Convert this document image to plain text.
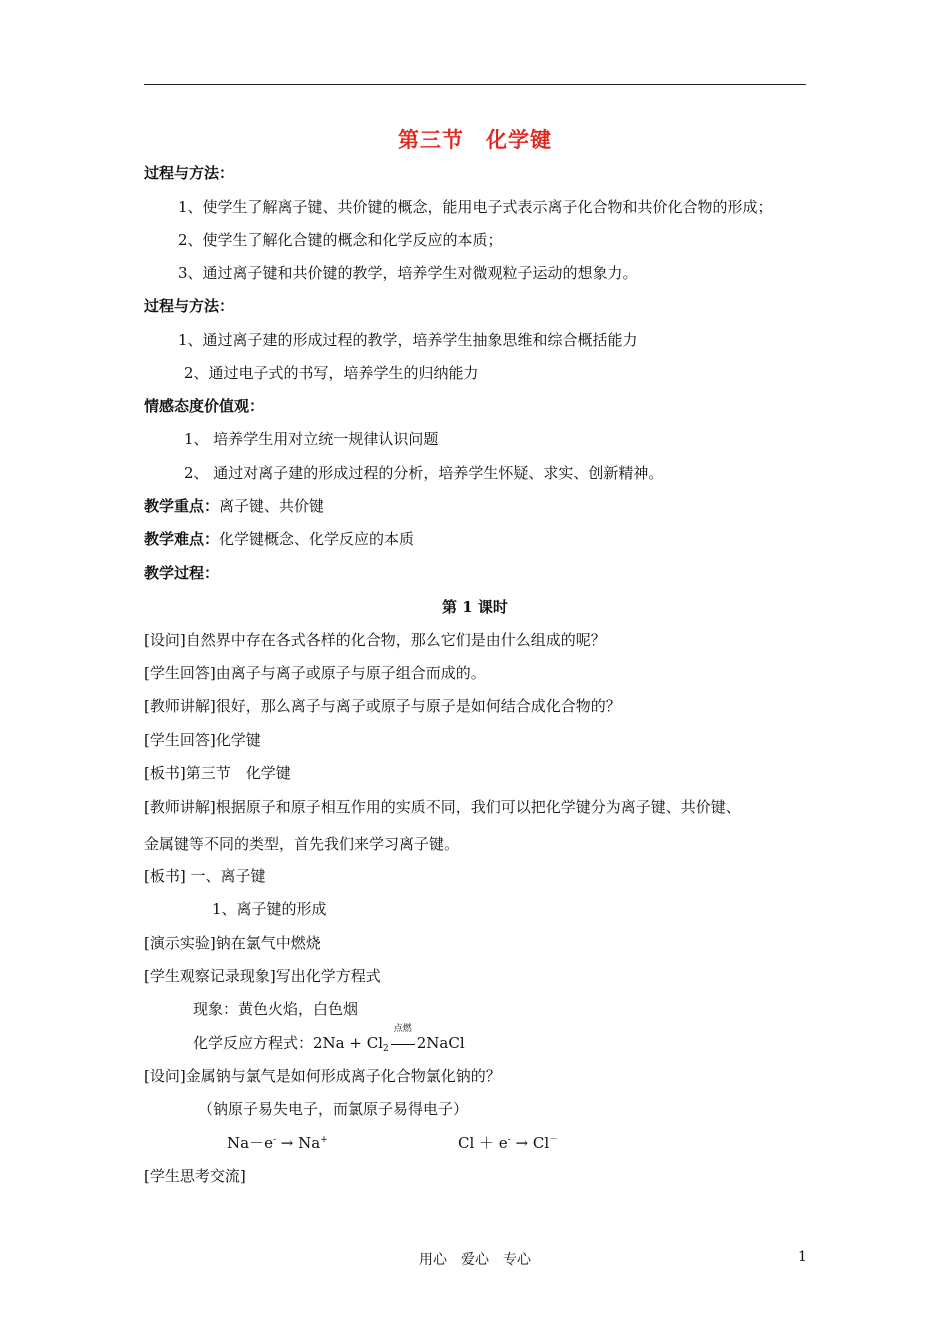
第三节　化学键
过程与方法：
1、使学生了解离子键、共价键的概念，能用电子式表示离子化合物和共价化合物的形成；
2、使学生了解化合键的概念和化学反应的本质；
3、通过离子键和共价键的教学，培养学生对微观粒子运动的想象力。
过程与方法：
1、通过离子建的形成过程的教学，培养学生抽象思维和综合概括能力
2、通过电子式的书写，培养学生的归纳能力
情感态度价值观：
1、 培养学生用对立统一规律认识问题
2、 通过对离子建的形成过程的分析，培养学生怀疑、求实、创新精神。
教学重点：离子键、共价键
教学难点：化学键概念、化学反应的本质
教学过程：
第 1 课时
[设问]自然界中存在各式各样的化合物，那么它们是由什么组成的呢？
[学生回答]由离子与离子或原子与原子组合而成的。
[教师讲解]很好，那么离子与离子或原子与原子是如何结合成化合物的？
[学生回答]化学键
[板书]第三节　化学键
[教师讲解]根据原子和原子相互作用的实质不同，我们可以把化学键分为离子键、共价键、
金属键等不同的类型，首先我们来学习离子键。
[板书] 一、离子键
1、离子键的形成
[演示实验]钠在氯气中燃烧
[学生观察记录现象]写出化学方程式
现象：黄色火焰，白色烟
化学反应方程式：$2Na + Cl_2$
点燃
2NaCl
[设问]金属钠与氯气是如何形成离子化合物氯化钠的？
（钠原子易失电子，而氯原子易得电子）
Na－e- → Na+	Cl ＋ e- → Cl－
[学生思考交流]
用心　爱心　专心	1
